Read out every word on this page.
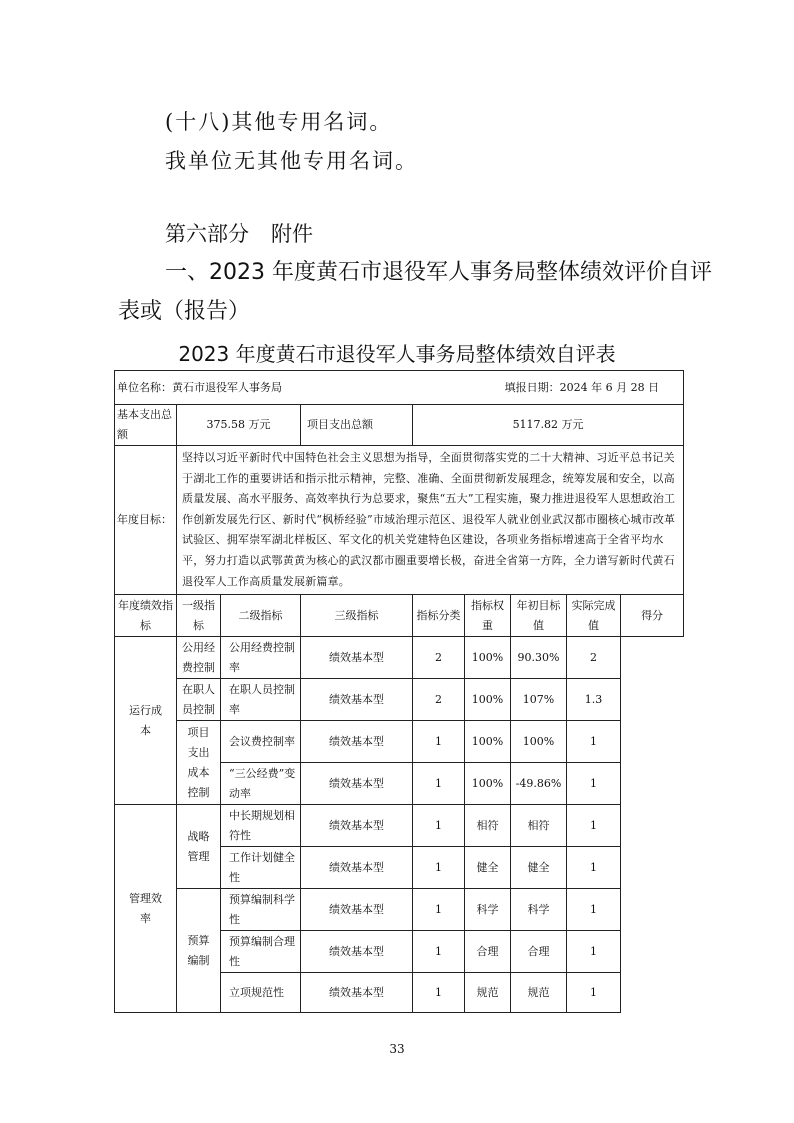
(十八)其他专用名词。
我单位无其他专用名词。
第六部分 附件
一、2023 年度黄石市退役军人事务局整体绩效评价自评
表或（报告）
2023 年度黄石市退役军人事务局整体绩效自评表
单位名称：黄石市退役军人事务局 填报日期：2024 年 6 月 28 日								

基本支出总额	375.58 万元		项目支出总额	5117.82 万元				
年度目标：	坚持以习近平新时代中国特色社会主义思想为指导，全面贯彻落实党的二十大精神、习近平总书记关于湖北工作的重要讲话和指示批示精神，完整、准确、全面贯彻新发展理念，统筹发展和安全，以高质量发展、高水平服务、高效率执行为总要求，聚焦“五大”工程实施，聚力推进退役军人思想政治工作创新发展先行区、新时代“枫桥经验”市域治理示范区、退役军人就业创业武汉都市圈核心城市改革试验区、拥军崇军湖北样板区、军文化的机关党建特色区建设，各项业务指标增速高于全省平均水平，努力打造以武鄂黄黄为核心的武汉都市圈重要增长极，奋进全省第一方阵，全力谱写新时代黄石退役军人工作高质量发展新篇章。							
年度绩效指标	一级指标	二级指标	三级指标	指标分类	指标权重	年初目标值	实际完成值	得分
运行成本	公用经费控制	公用经费控制率	绩效基本型	2	100%	90.30%	2	
	在职人员控制	在职人员控制率	绩效基本型	2	100%	107%	1.3	
	项目支出成本控制	会议费控制率	绩效基本型	1	100%	100%	1	
		“三公经费”变动率	绩效基本型	1	100%	-49.86%	1	
管理效率	战略管理	中长期规划相符性	绩效基本型	1	相符	相符	1	
		工作计划健全性	绩效基本型	1	健全	健全	1	
	预算编制	预算编制科学性	绩效基本型	1	科学	科学	1	
		预算编制合理性	绩效基本型	1	合理	合理	1	
		立项规范性	绩效基本型	1	规范	规范	1	
33
